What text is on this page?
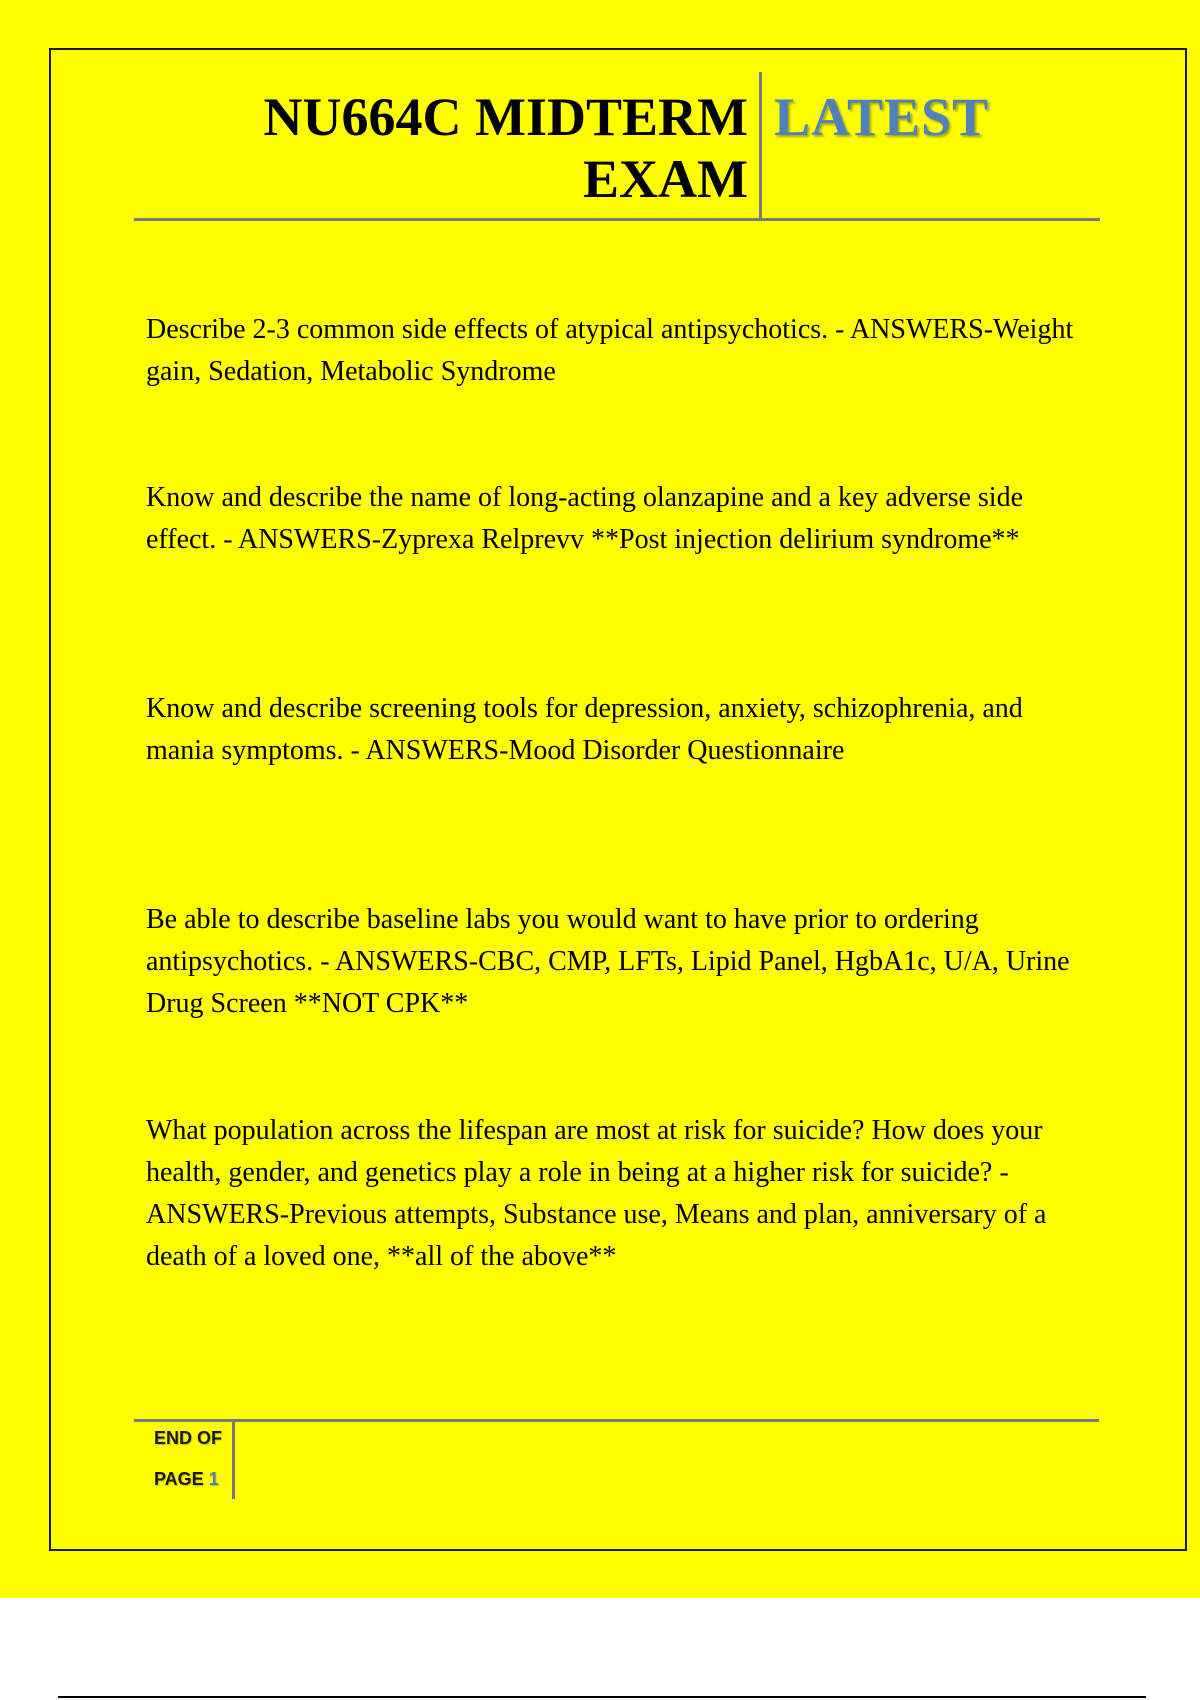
NU664C MIDTERM
EXAM
LATEST

Describe 2-3 common side effects of atypical antipsychotics. - ANSWERS-Weight gain, Sedation, Metabolic Syndrome

Know and describe the name of long-acting olanzapine and a key adverse side effect. - ANSWERS-Zyprexa Relprevv **Post injection delirium syndrome**

Know and describe screening tools for depression, anxiety, schizophrenia, and mania symptoms. - ANSWERS-Mood Disorder Questionnaire

Be able to describe baseline labs you would want to have prior to ordering antipsychotics. - ANSWERS-CBC, CMP, LFTs, Lipid Panel, HgbA1c, U/A, Urine Drug Screen **NOT CPK**

What population across the lifespan are most at risk for suicide? How does your health, gender, and genetics play a role in being at a higher risk for suicide? - ANSWERS-Previous attempts, Substance use, Means and plan, anniversary of a death of a loved one, **all of the above**

END OF
PAGE 1
